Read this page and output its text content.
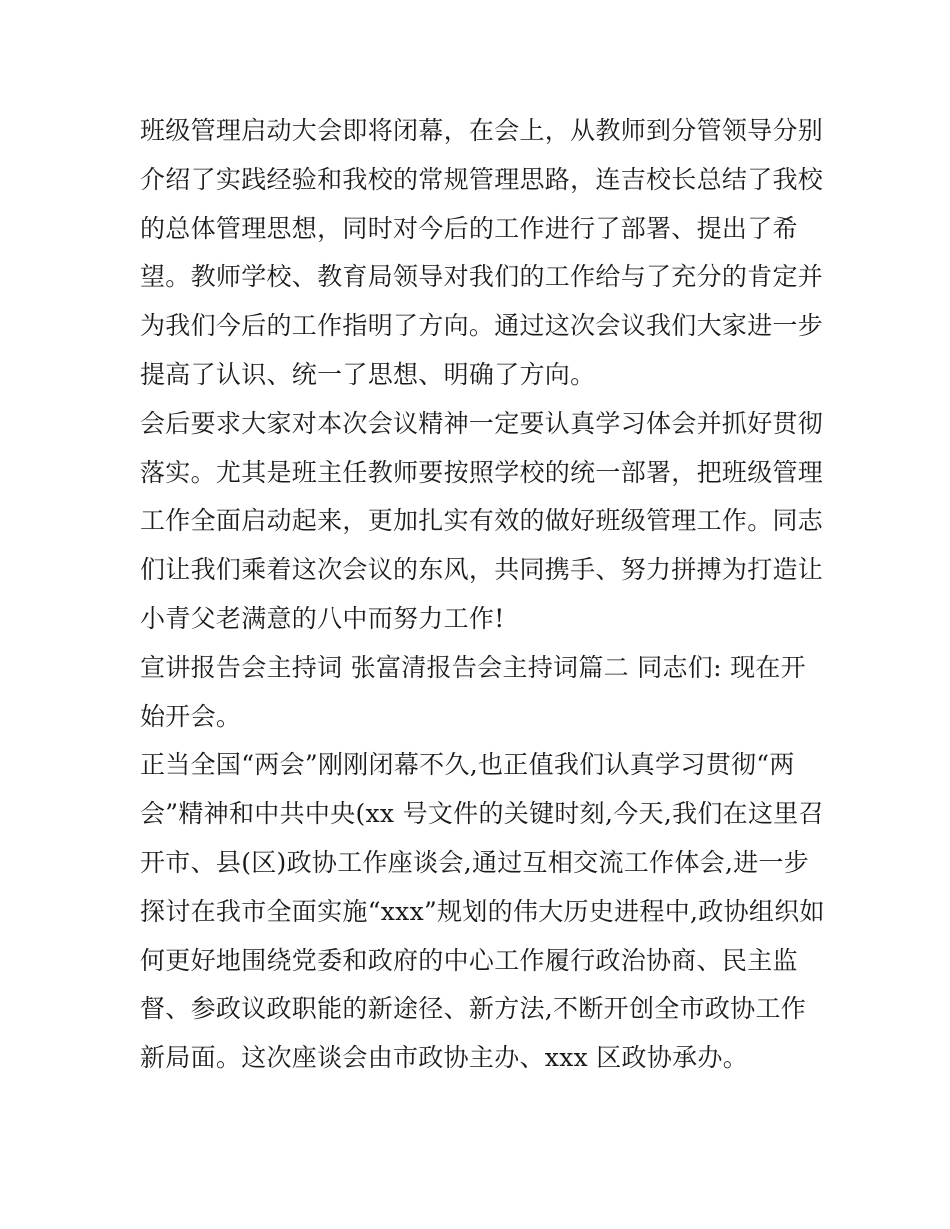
班级管理启动大会即将闭幕，在会上，从教师到分管领导分别
介绍了实践经验和我校的常规管理思路，连吉校长总结了我校
的总体管理思想，同时对今后的工作进行了部署、提出了希
望。教师学校、教育局领导对我们的工作给与了充分的肯定并
为我们今后的工作指明了方向。通过这次会议我们大家进一步
提高了认识、统一了思想、明确了方向。
会后要求大家对本次会议精神一定要认真学习体会并抓好贯彻
落实。尤其是班主任教师要按照学校的统一部署，把班级管理
工作全面启动起来，更加扎实有效的做好班级管理工作。同志
们让我们乘着这次会议的东风，共同携手、努力拼搏为打造让
小青父老满意的八中而努力工作!
宣讲报告会主持词 张富清报告会主持词篇二 同志们: 现在开
始开会。
正当全国“两会”刚刚闭幕不久,也正值我们认真学习贯彻“两
会”精神和中共中央(xx 号文件的关键时刻,今天,我们在这里召
开市、县(区)政协工作座谈会,通过互相交流工作体会,进一步
探讨在我市全面实施“xxx”规划的伟大历史进程中,政协组织如
何更好地围绕党委和政府的中心工作履行政治协商、民主监
督、参政议政职能的新途径、新方法,不断开创全市政协工作
新局面。这次座谈会由市政协主办、xxx 区政协承办。
